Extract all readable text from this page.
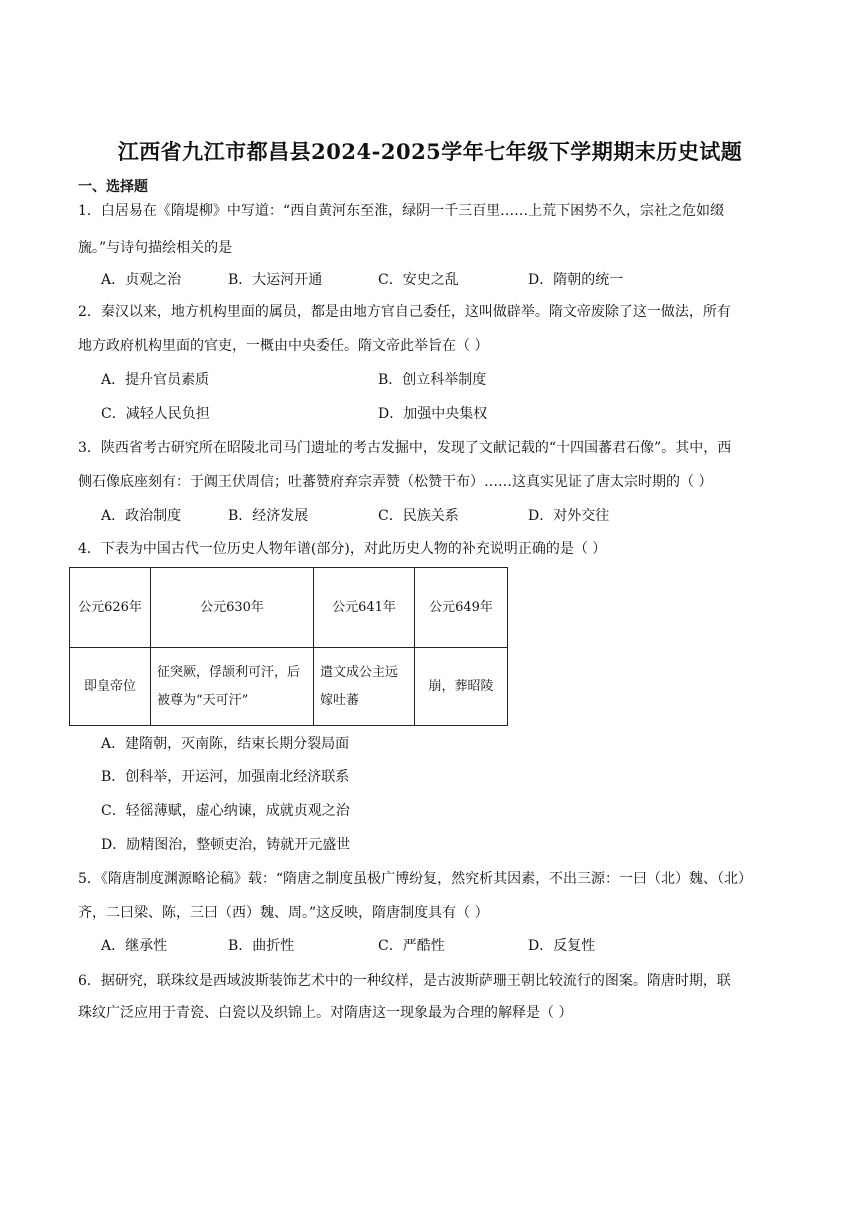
江西省九江市都昌县2024-2025学年七年级下学期期末历史试题
一、选择题
1．白居易在《隋堤柳》中写道：“西自黄河东至淮，绿阴一千三百里……上荒下困势不久，宗社之危如缀
旒。”与诗句描绘相关的是
A．贞观之治	B．大运河开通	C．安史之乱	D．隋朝的统一
2．秦汉以来，地方机构里面的属员，都是由地方官自己委任，这叫做辟举。隋文帝废除了这一做法，所有
地方政府机构里面的官吏，一概由中央委任。隋文帝此举旨在（ ）
A．提升官员素质	B．创立科举制度
C．减轻人民负担	D．加强中央集权
3．陕西省考古研究所在昭陵北司马门遗址的考古发掘中，发现了文献记载的“十四国蕃君石像”。其中，西
侧石像底座刻有：于阗王伏周信；吐蕃赞府弃宗弄赞（松赞干布）……这真实见证了唐太宗时期的（ ）
A．政治制度	B．经济发展	C．民族关系	D．对外交往
4．下表为中国古代一位历史人物年谱(部分)，对此历史人物的补充说明正确的是（ ）
公元626年	公元630年	公元641年	公元649年
即皇帝位	征突厥，俘颉利可汗，后被尊为“天可汗”	遣文成公主远嫁吐蕃	崩，葬昭陵
A．建隋朝，灭南陈，结束长期分裂局面
B．创科举，开运河，加强南北经济联系
C．轻徭薄赋，虚心纳谏，成就贞观之治
D．励精图治，整顿吏治，铸就开元盛世
5．《隋唐制度渊源略论稿》载：“隋唐之制度虽极广博纷复，然究析其因素，不出三源：一曰（北）魏、（北）
齐，二曰梁、陈，三曰（西）魏、周。”这反映，隋唐制度具有（ ）
A．继承性	B．曲折性	C．严酷性	D．反复性
6．据研究，联珠纹是西域波斯装饰艺术中的一种纹样，是古波斯萨珊王朝比较流行的图案。隋唐时期，联
珠纹广泛应用于青瓷、白瓷以及织锦上。对隋唐这一现象最为合理的解释是（ ）
